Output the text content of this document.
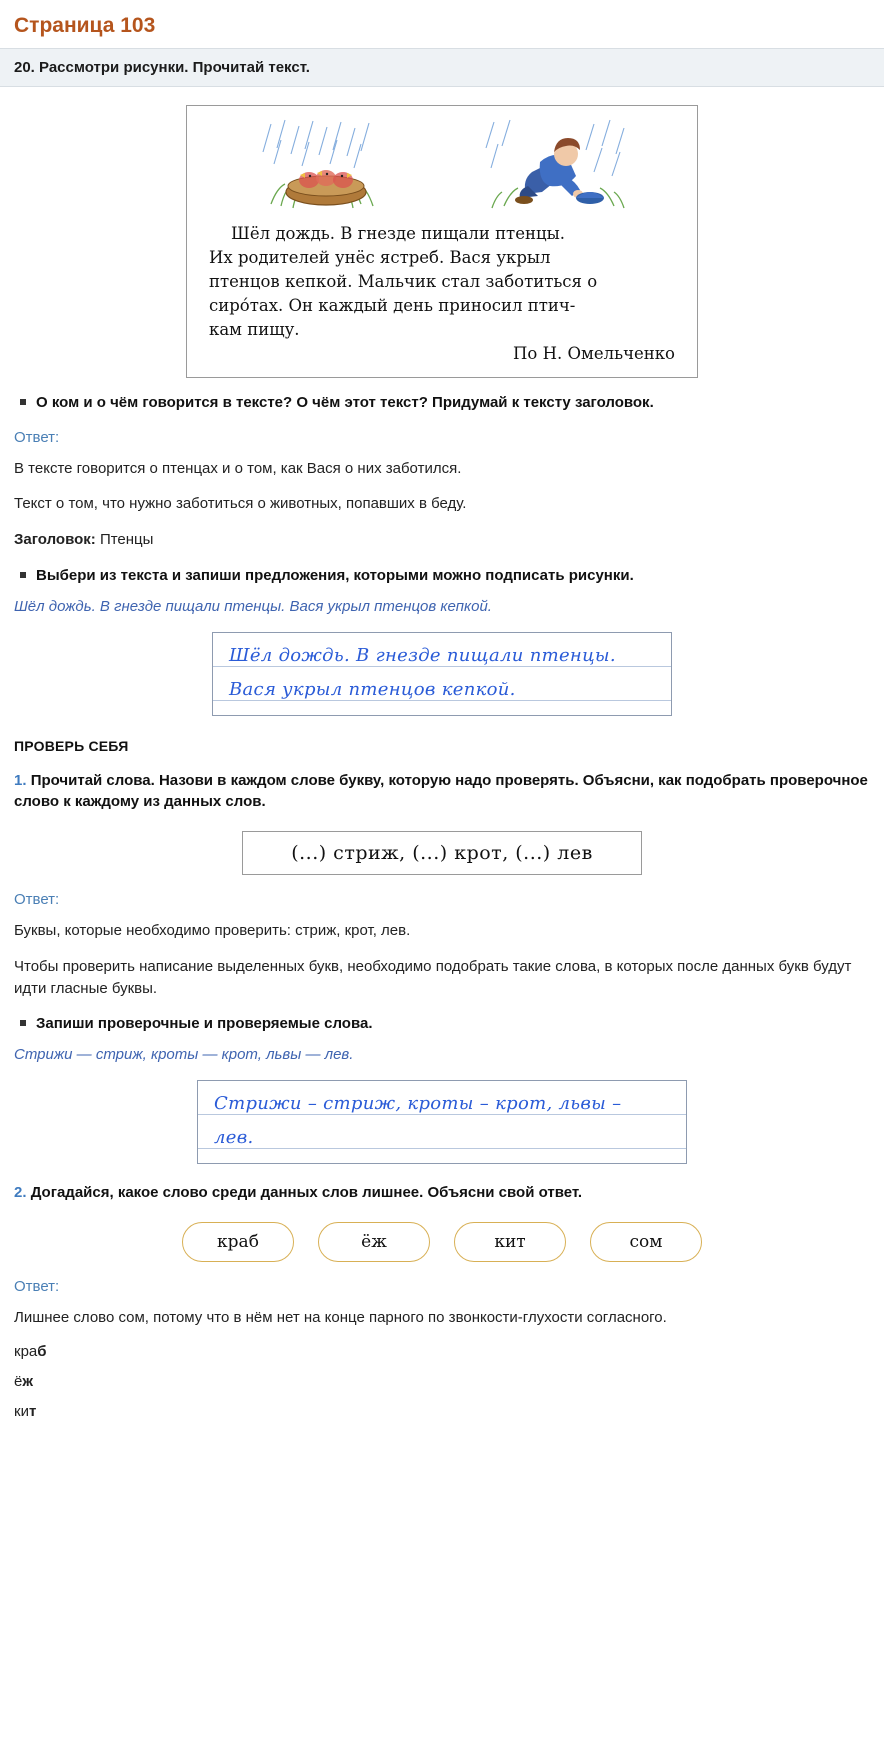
Страница 103
20. Рассмотри рисунки. Прочитай текст.
Шёл дождь. В гнезде пищали птенцы.
Их родителей унёс ястреб. Вася укрыл
птенцов кепкой. Мальчик стал заботиться о
сиро́тах. Он каждый день приносил птич-
кам пищу.
По Н. Омельченко
О ком и о чём говорится в тексте? О чём этот текст? Придумай к тексту заголовок.
Ответ:

В тексте говорится о птенцах и о том, как Вася о них заботился.

Текст о том, что нужно заботиться о животных, попавших в беду.

Заголовок: Птенцы

Выбери из текста и запиши предложения, которыми можно подписать рисунки.
Шёл дождь. В гнезде пищали птенцы. Вася укрыл птенцов кепкой.
Шёл дождь. В гнезде пищали птенцы.
Вася укрыл птенцов кепкой.
ПРОВЕРЬ СЕБЯ
1. Прочитай слова. Назови в каждом слове букву, которую надо проверять. Объясни, как подобрать проверочное слово к каждому из данных слов.
(...) стриж, (...) крот, (...) лев
Ответ:

Буквы, которые необходимо проверить: стриж, крот, лев.

Чтобы проверить написание выделенных букв, необходимо подобрать такие слова, в которых после данных букв будут идти гласные буквы.

Запиши проверочные и проверяемые слова.
Стрижи — стриж, кроты — крот, львы — лев.
Стрижи – стриж, кроты – крот, львы –
лев.
2. Догадайся, какое слово среди данных слов лишнее. Объясни свой ответ.
краб	ёж	кит	сом
Ответ:

Лишнее слово сом, потому что в нём нет на конце парного по звонкости-глухости согласного.

краб
ёж
кит
